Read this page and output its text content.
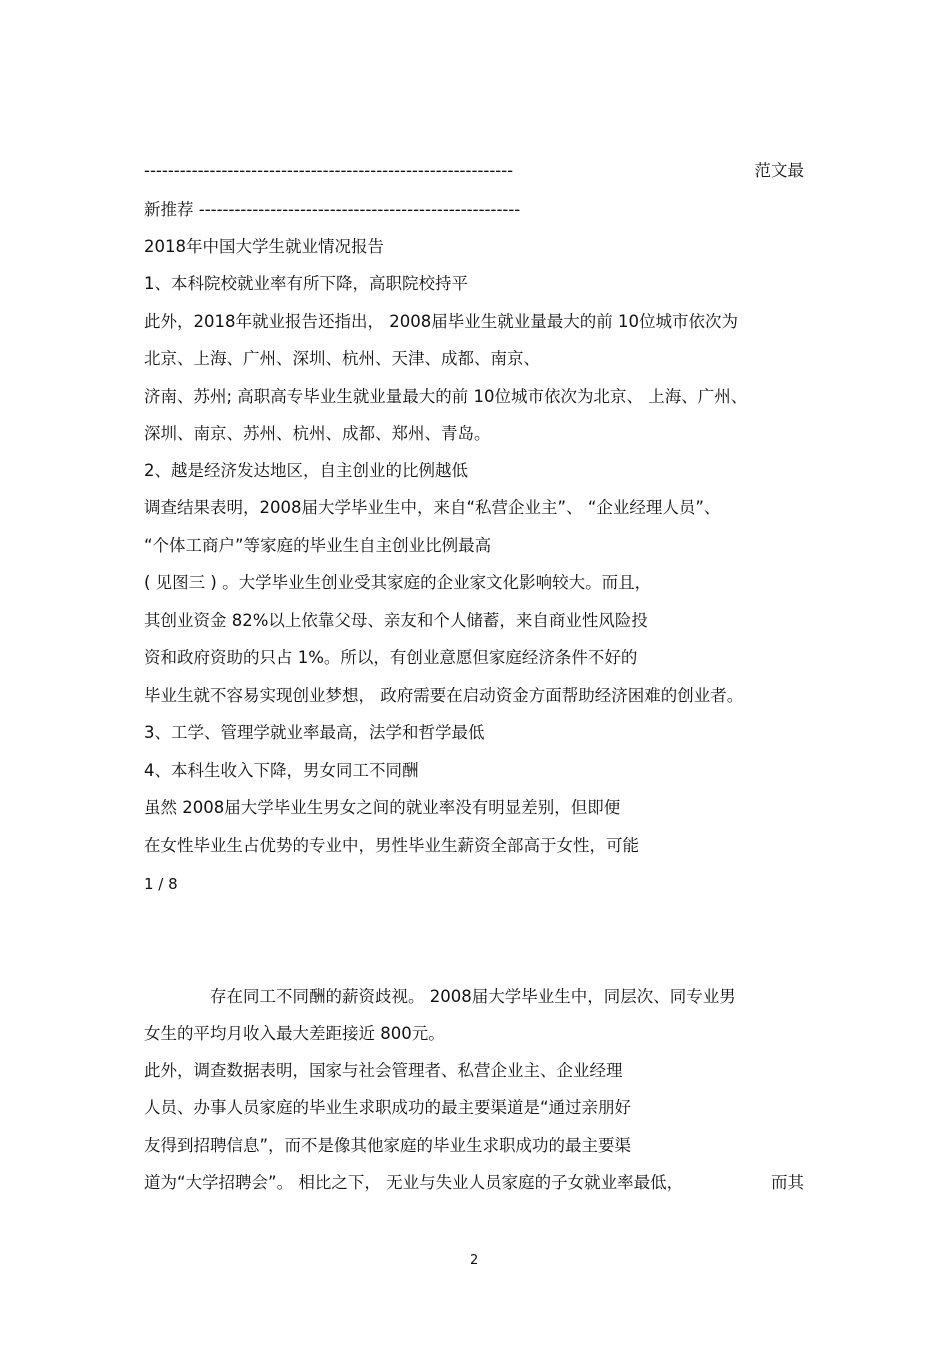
--------------------------------------------------------------	范文最
新推荐 ------------------------------------------------------
2018年中国大学生就业情况报告
1、本科院校就业率有所下降，高职院校持平
此外，2018年就业报告还指出， 2008届毕业生就业量最大的前 10位城市依次为
北京、上海、广州、深圳、杭州、天津、成都、南京、
济南、苏州; 高职高专毕业生就业量最大的前 10位城市依次为北京、 上海、广州、
深圳、南京、苏州、杭州、成都、郑州、青岛。
2、越是经济发达地区，自主创业的比例越低
调查结果表明，2008届大学毕业生中，来自“私营企业主”、 “企业经理人员”、
“个体工商户”等家庭的毕业生自主创业比例最高
( 见图三 ) 。大学毕业生创业受其家庭的企业家文化影响较大。而且，
其创业资金 82%以上依靠父母、亲友和个人储蓄，来自商业性风险投
资和政府资助的只占 1%。所以，有创业意愿但家庭经济条件不好的
毕业生就不容易实现创业梦想， 政府需要在启动资金方面帮助经济困难的创业者。
3、工学、管理学就业率最高，法学和哲学最低
4、本科生收入下降，男女同工不同酬
虽然 2008届大学毕业生男女之间的就业率没有明显差别，但即便
在女性毕业生占优势的专业中，男性毕业生薪资全部高于女性，可能
1 / 8
存在同工不同酬的薪资歧视。 2008届大学毕业生中，同层次、同专业男
女生的平均月收入最大差距接近 800元。
此外，调查数据表明，国家与社会管理者、私营企业主、企业经理
人员、办事人员家庭的毕业生求职成功的最主要渠道是“通过亲朋好
友得到招聘信息”，而不是像其他家庭的毕业生求职成功的最主要渠
道为“大学招聘会”。 相比之下， 无业与失业人员家庭的子女就业率最低，	而其
2
